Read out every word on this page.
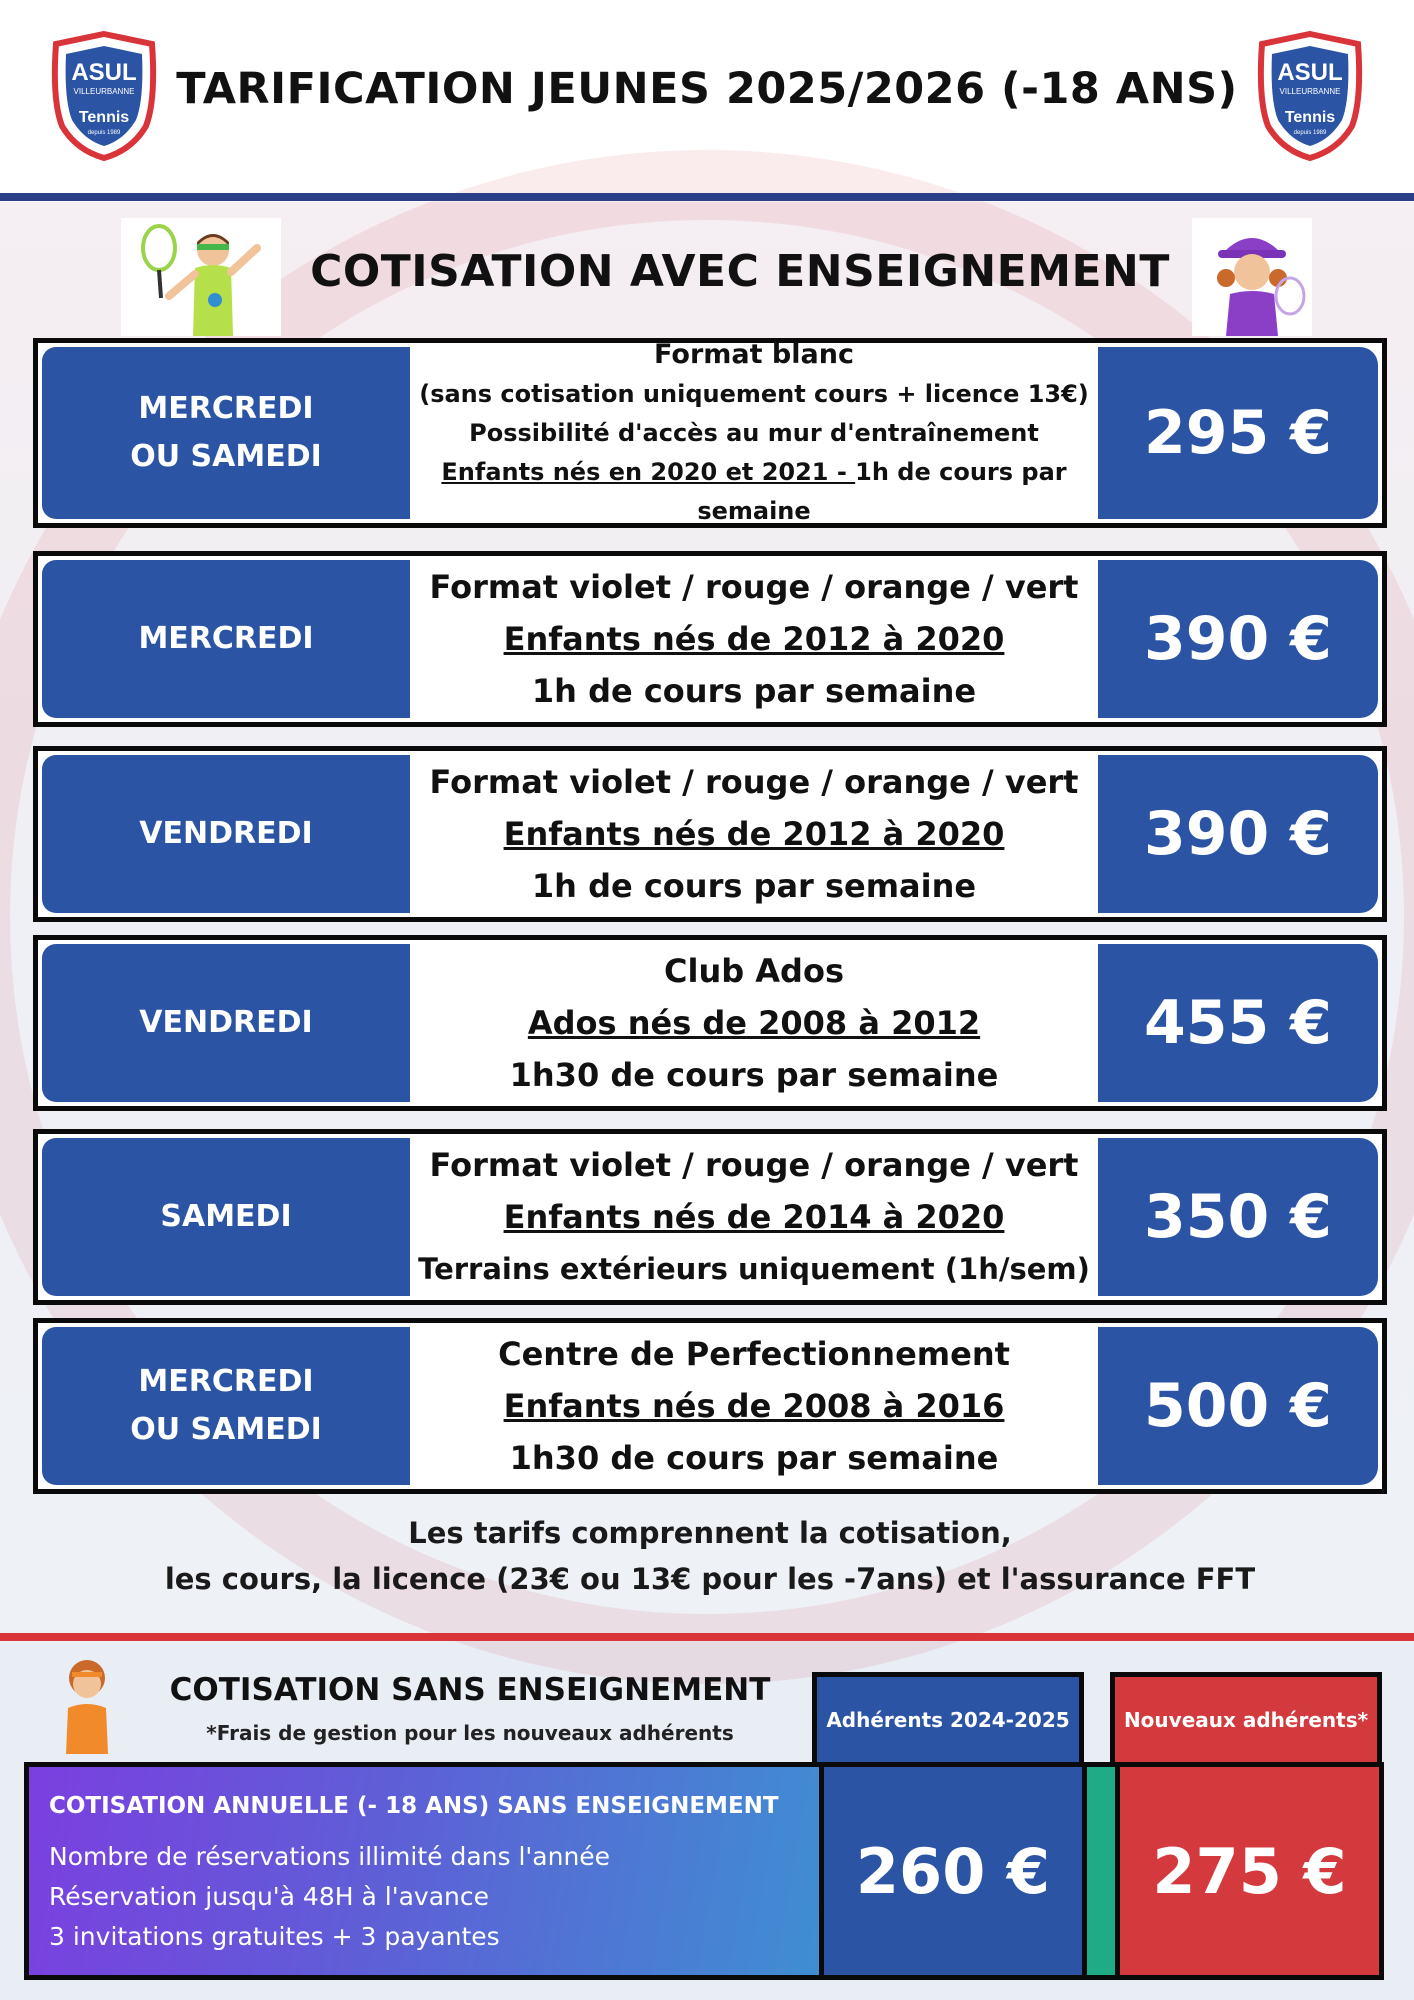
ASUL
VILLEURBANNE
Tennis
depuis 1989
ASUL
VILLEURBANNE
Tennis
depuis 1989
TARIFICATION JEUNES 2025/2026 (-18 ANS)
COTISATION AVEC ENSEIGNEMENT
MERCREDI
OU SAMEDI
Format blanc
(sans cotisation uniquement cours + licence 13€)
Possibilité d'accès au mur d'entraînement
Enfants nés en 2020 et 2021 - 1h de cours par semaine
295 €
MERCREDI
Format violet / rouge / orange / vert
Enfants nés de 2012 à 2020
1h de cours par semaine
390 €
VENDREDI
Format violet / rouge / orange / vert
Enfants nés de 2012 à 2020
1h de cours par semaine
390 €
VENDREDI
Club Ados
Ados nés de 2008 à 2012
1h30 de cours par semaine
455 €
SAMEDI
Format violet / rouge / orange / vert
Enfants nés de 2014 à 2020
Terrains extérieurs uniquement (1h/sem)
350 €
MERCREDI
OU SAMEDI
Centre de Perfectionnement
Enfants nés de 2008 à 2016
1h30 de cours par semaine
500 €
Les tarifs comprennent la cotisation,
les cours, la licence (23€ ou 13€ pour les -7ans) et l'assurance FFT
COTISATION SANS ENSEIGNEMENT
*Frais de gestion pour les nouveaux adhérents
Adhérents 2024-2025	Nouveaux adhérents*
COTISATION ANNUELLE (- 18 ANS) SANS ENSEIGNEMENT
Nombre de réservations illimité dans l'année
Réservation jusqu'à 48H à l'avance
3 invitations gratuites + 3 payantes
260 €	275 €
